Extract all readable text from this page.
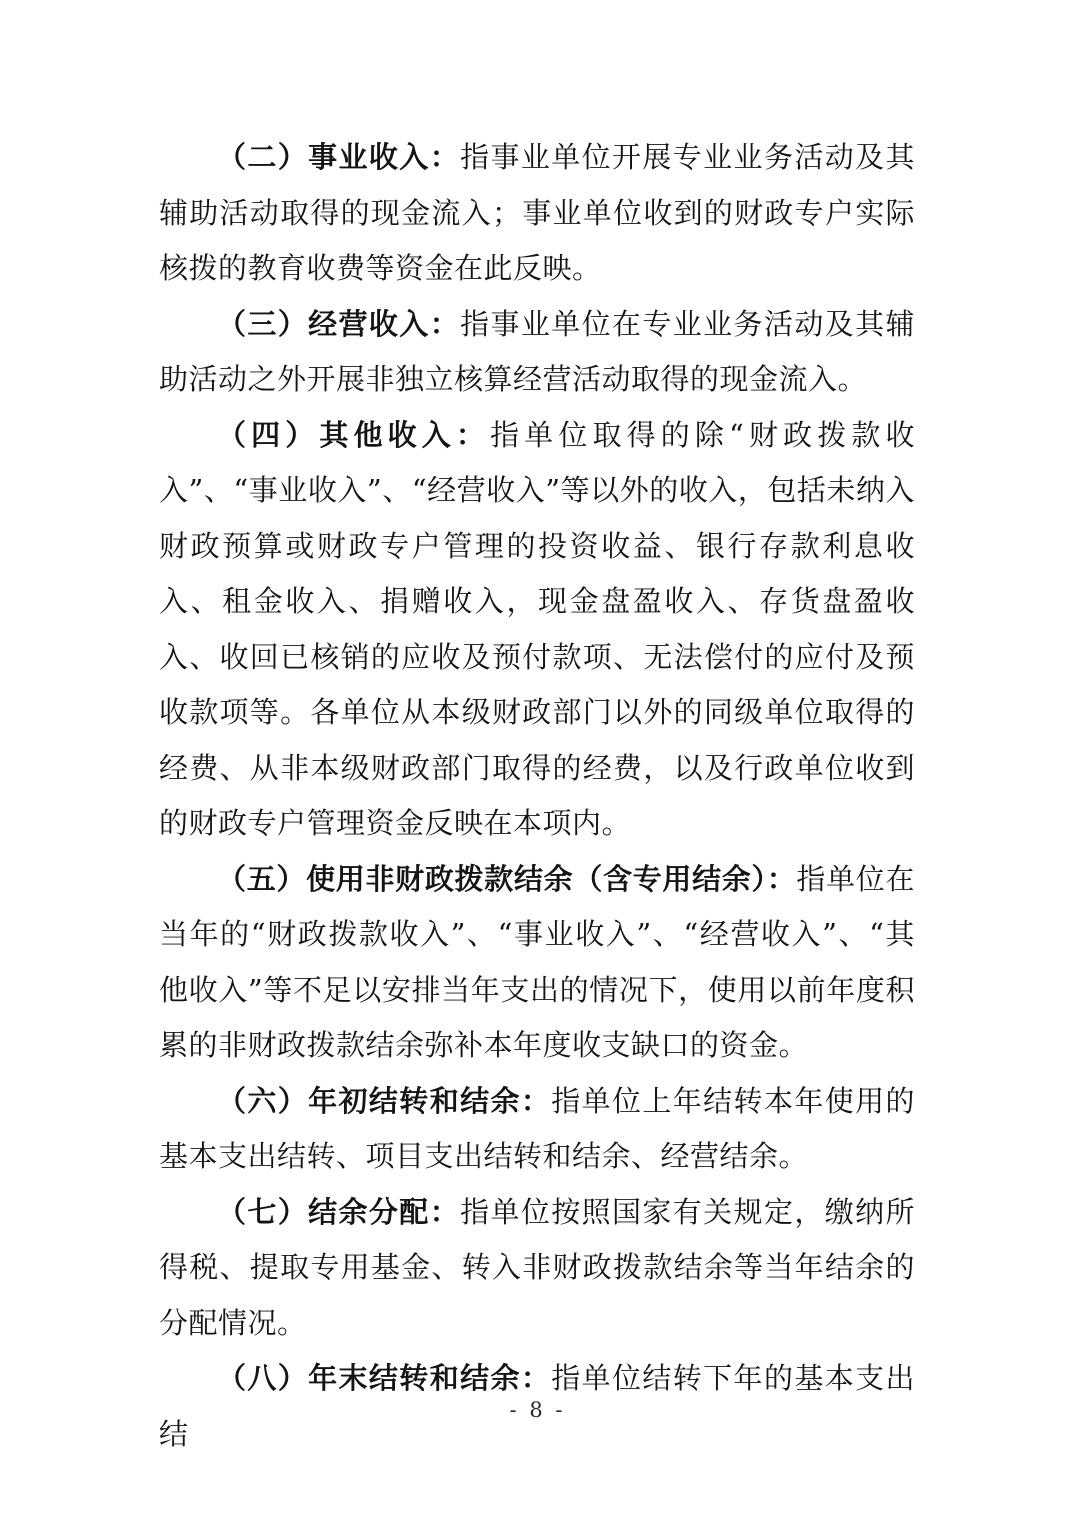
（二）事业收入：指事业单位开展专业业务活动及其辅助活动取得的现金流入；事业单位收到的财政专户实际核拨的教育收费等资金在此反映。

（三）经营收入：指事业单位在专业业务活动及其辅助活动之外开展非独立核算经营活动取得的现金流入。

（四）其他收入：指单位取得的除“财政拨款收入”、“事业收入”、“经营收入”等以外的收入，包括未纳入财政预算或财政专户管理的投资收益、银行存款利息收入、租金收入、捐赠收入，现金盘盈收入、存货盘盈收入、收回已核销的应收及预付款项、无法偿付的应付及预收款项等。各单位从本级财政部门以外的同级单位取得的经费、从非本级财政部门取得的经费，以及行政单位收到的财政专户管理资金反映在本项内。

（五）使用非财政拨款结余（含专用结余）：指单位在当年的“财政拨款收入”、“事业收入”、“经营收入”、“其他收入”等不足以安排当年支出的情况下，使用以前年度积累的非财政拨款结余弥补本年度收支缺口的资金。

（六）年初结转和结余：指单位上年结转本年使用的基本支出结转、项目支出结转和结余、经营结余。

（七）结余分配：指单位按照国家有关规定，缴纳所得税、提取专用基金、转入非财政拨款结余等当年结余的分配情况。

（八）年末结转和结余：指单位结转下年的基本支出结

- 8 -
